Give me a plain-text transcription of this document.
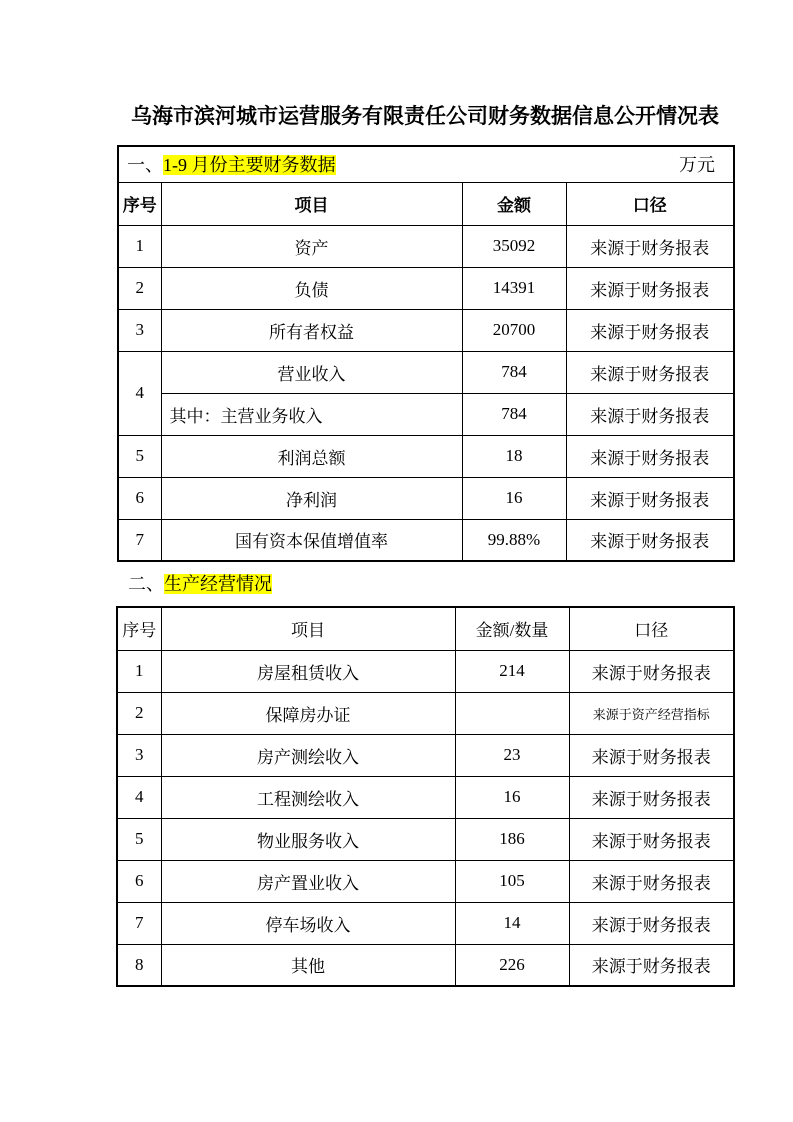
乌海市滨河城市运营服务有限责任公司财务数据信息公开情况表
一、1-9 月份主要财务数据 万元			

序号	项目	金额	口径
1	资产	35092	来源于财务报表
2	负债	14391	来源于财务报表
3	所有者权益	20700	来源于财务报表
4	营业收入	784	来源于财务报表
	其中：主营业务收入	784	来源于财务报表
5	利润总额	18	来源于财务报表
6	净利润	16	来源于财务报表
7	国有资本保值增值率	99.88%	来源于财务报表
二、生产经营情况
序号	项目	金额/数量	口径
1	房屋租赁收入	214	来源于财务报表
2	保障房办证		来源于资产经营指标
3	房产测绘收入	23	来源于财务报表
4	工程测绘收入	16	来源于财务报表
5	物业服务收入	186	来源于财务报表
6	房产置业收入	105	来源于财务报表
7	停车场收入	14	来源于财务报表
8	其他	226	来源于财务报表
